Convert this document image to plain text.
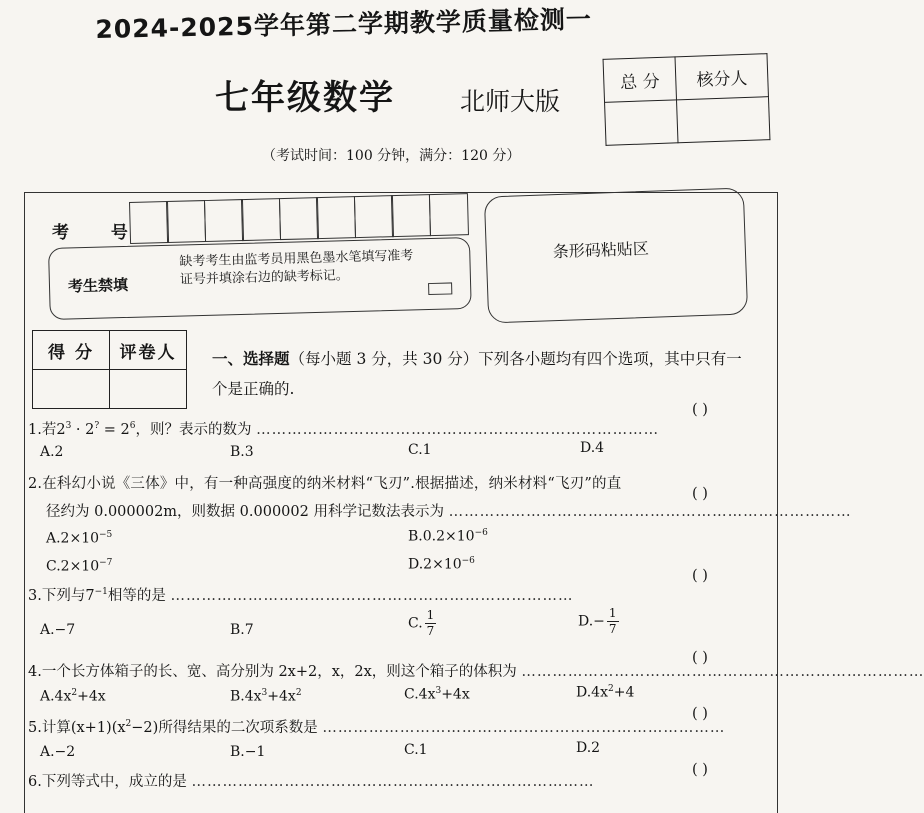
2024-2025学年第二学期教学质量检测一
七年级数学	北师大版
（考试时间：100 分钟，满分：120 分）
总 分	核分人

考 号
考生禁填
缺考考生由监考员用黑色墨水笔填写准考证号并填涂右边的缺考标记。
条形码粘贴区
得 分	评卷人
	一、选择题（每小题 3 分，共 30 分）下列各小题均有四个选项，其中只有一个是正确的.
1.若$2^3 \cdot 2^? = 2^6$，则？表示的数为 ……………………………………………………………………
( )
A.2	B.3	C.1	D.4
2.在科幻小说《三体》中，有一种高强度的纳米材料“飞刃”.根据描述，纳米材料“飞刃”的直
径约为 0.000002m，则数据 0.000002 用科学记数法表示为 ……………………………………………………………………
( )
$A.2\times 10^{-5}$	$B.0.2\times 10^{-6}$
$C.2\times 10^{-7}$	$D.2\times 10^{-6}$
3.下列与$7^{-1}$相等的是 ……………………………………………………………………
( )
A.−7	B.7	C. $\frac{1}{7}$	$D.- \frac{1}{7}$
4.一个长方体箱子的长、宽、高分别为 2x+2，x，2x，则这个箱子的体积为 ……………………………………………………………………
( )
$A.4x^2+4x$	$B.4x^3+4x^2$	$C.4x^3+4x$	$D.4x^2+4$
5.计算$(x+1)(x^2-2)$所得结果的二次项系数是 ……………………………………………………………………
( )
A.−2	B.−1	C.1	D.2
6.下列等式中，成立的是 ……………………………………………………………………
( )
